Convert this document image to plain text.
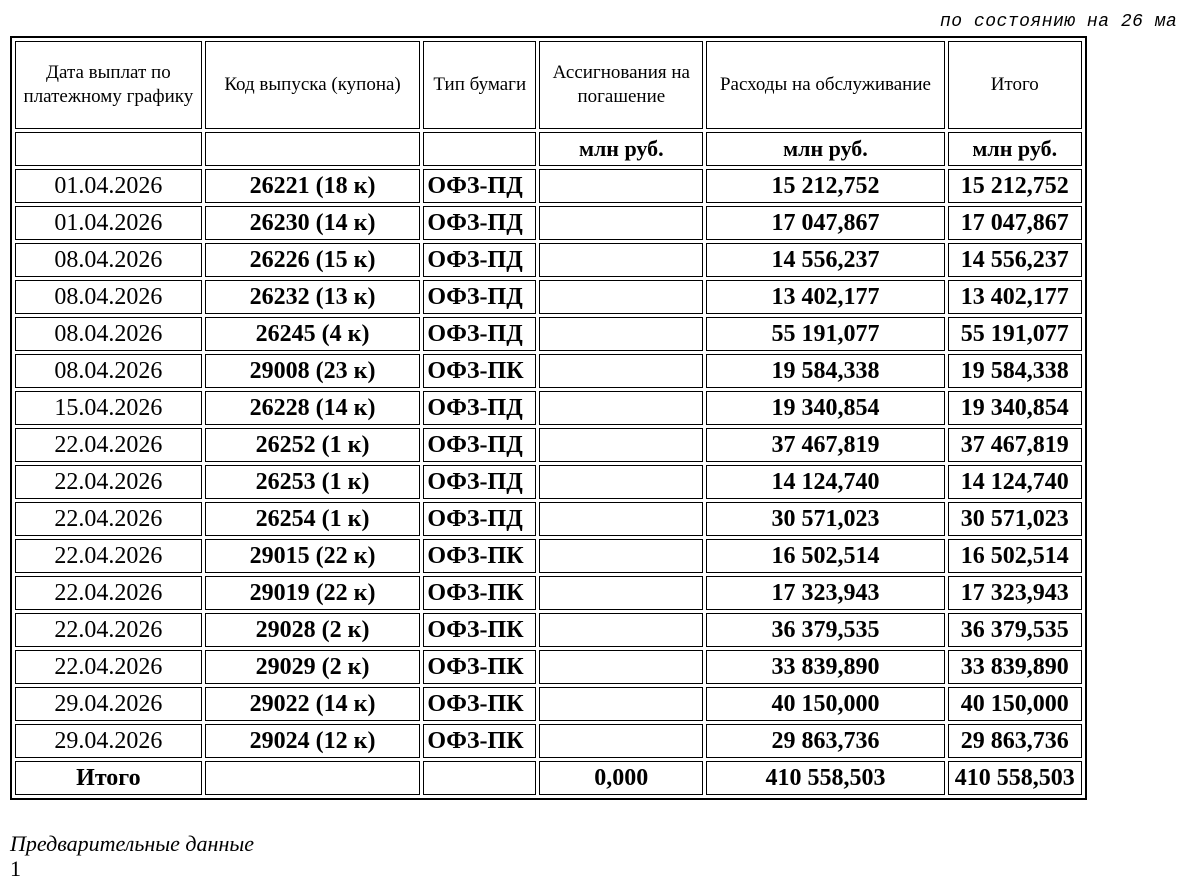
по состоянию на 26 ма
Дата выплат по платежному графику	Код выпуска (купона)	Тип бумаги	Ассигнования на погашение	Расходы на обслуживание	Итого
			млн руб.	млн руб.	млн руб.
01.04.2026	26221 (18 к)	ОФЗ-ПД		15 212,752	15 212,752
01.04.2026	26230 (14 к)	ОФЗ-ПД		17 047,867	17 047,867
08.04.2026	26226 (15 к)	ОФЗ-ПД		14 556,237	14 556,237
08.04.2026	26232 (13 к)	ОФЗ-ПД		13 402,177	13 402,177
08.04.2026	26245 (4 к)	ОФЗ-ПД		55 191,077	55 191,077
08.04.2026	29008 (23 к)	ОФЗ-ПК		19 584,338	19 584,338
15.04.2026	26228 (14 к)	ОФЗ-ПД		19 340,854	19 340,854
22.04.2026	26252 (1 к)	ОФЗ-ПД		37 467,819	37 467,819
22.04.2026	26253 (1 к)	ОФЗ-ПД		14 124,740	14 124,740
22.04.2026	26254 (1 к)	ОФЗ-ПД		30 571,023	30 571,023
22.04.2026	29015 (22 к)	ОФЗ-ПК		16 502,514	16 502,514
22.04.2026	29019 (22 к)	ОФЗ-ПК		17 323,943	17 323,943
22.04.2026	29028 (2 к)	ОФЗ-ПК		36 379,535	36 379,535
22.04.2026	29029 (2 к)	ОФЗ-ПК		33 839,890	33 839,890
29.04.2026	29022 (14 к)	ОФЗ-ПК		40 150,000	40 150,000
29.04.2026	29024 (12 к)	ОФЗ-ПК		29 863,736	29 863,736
Итого			0,000	410 558,503	410 558,503
Предварительные данные
1
